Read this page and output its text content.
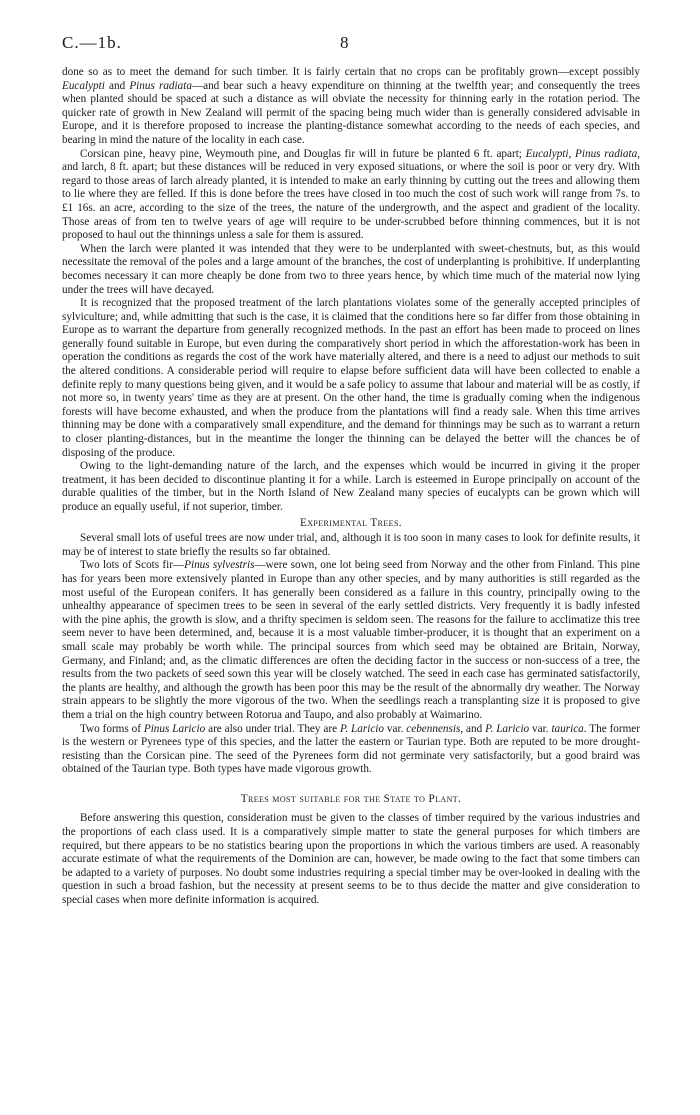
C.—1b.	8

done so as to meet the demand for such timber. It is fairly certain that no crops can be profitably grown—except possibly Eucalypti and Pinus radiata—and bear such a heavy expenditure on thinning at the twelfth year; and consequently the trees when planted should be spaced at such a distance as will obviate the necessity for thinning early in the rotation period. The quicker rate of growth in New Zealand will permit of the spacing being much wider than is generally considered advisable in Europe, and it is therefore proposed to increase the planting-distance somewhat according to the needs of each species, and bearing in mind the nature of the locality in each case.

Corsican pine, heavy pine, Weymouth pine, and Douglas fir will in future be planted 6 ft. apart; Eucalypti, Pinus radiata, and larch, 8 ft. apart; but these distances will be reduced in very exposed situations, or where the soil is poor or very dry. With regard to those areas of larch already planted, it is intended to make an early thinning by cutting out the trees and allowing them to lie where they are felled. If this is done before the trees have closed in too much the cost of such work will range from 7s. to £1 16s. an acre, according to the size of the trees, the nature of the undergrowth, and the aspect and gradient of the locality. Those areas of from ten to twelve years of age will require to be under-scrubbed before thinning commences, but it is not proposed to haul out the thinnings unless a sale for them is assured.

When the larch were planted it was intended that they were to be underplanted with sweet-chestnuts, but, as this would necessitate the removal of the poles and a large amount of the branches, the cost of underplanting is prohibitive. If underplanting becomes necessary it can more cheaply be done from two to three years hence, by which time much of the material now lying under the trees will have decayed.

It is recognized that the proposed treatment of the larch plantations violates some of the generally accepted principles of sylviculture; and, while admitting that such is the case, it is claimed that the conditions here so far differ from those obtaining in Europe as to warrant the departure from generally recognized methods. In the past an effort has been made to proceed on lines generally found suitable in Europe, but even during the comparatively short period in which the afforestation-work has been in operation the conditions as regards the cost of the work have materially altered, and there is a need to adjust our methods to suit the altered conditions. A considerable period will require to elapse before sufficient data will have been collected to enable a definite reply to many questions being given, and it would be a safe policy to assume that labour and material will be as costly, if not more so, in twenty years' time as they are at present. On the other hand, the time is gradually coming when the indigenous forests will have become exhausted, and when the produce from the plantations will find a ready sale. When this time arrives thinning may be done with a comparatively small expenditure, and the demand for thinnings may be such as to warrant a return to closer planting-distances, but in the meantime the longer the thinning can be delayed the better will the chances be of disposing of the produce.

Owing to the light-demanding nature of the larch, and the expenses which would be incurred in giving it the proper treatment, it has been decided to discontinue planting it for a while. Larch is esteemed in Europe principally on account of the durable qualities of the timber, but in the North Island of New Zealand many species of eucalypts can be grown which will produce an equally useful, if not superior, timber.

Experimental Trees.

Several small lots of useful trees are now under trial, and, although it is too soon in many cases to look for definite results, it may be of interest to state briefly the results so far obtained.

Two lots of Scots fir—Pinus sylvestris—were sown, one lot being seed from Norway and the other from Finland. This pine has for years been more extensively planted in Europe than any other species, and by many authorities is still regarded as the most useful of the European conifers. It has generally been considered as a failure in this country, principally owing to the unhealthy appearance of specimen trees to be seen in several of the early settled districts. Very frequently it is badly infested with the pine aphis, the growth is slow, and a thrifty specimen is seldom seen. The reasons for the failure to acclimatize this tree seem never to have been determined, and, because it is a most valuable timber-producer, it is thought that an experiment on a small scale may probably be worth while. The principal sources from which seed may be obtained are Britain, Norway, Germany, and Finland; and, as the climatic differences are often the deciding factor in the success or non-success of a tree, the results from the two packets of seed sown this year will be closely watched. The seed in each case has germinated satisfactorily, the plants are healthy, and although the growth has been poor this may be the result of the abnormally dry weather. The Norway strain appears to be slightly the more vigorous of the two. When the seedlings reach a transplanting size it is proposed to give them a trial on the high country between Rotorua and Taupo, and also probably at Waimarino.

Two forms of Pinus Laricio are also under trial. They are P. Laricio var. cebennensis, and P. Laricio var. taurica. The former is the western or Pyrenees type of this species, and the latter the eastern or Taurian type. Both are reputed to be more drought-resisting than the Corsican pine. The seed of the Pyrenees form did not germinate very satisfactorily, but a good braird was obtained of the Taurian type. Both types have made vigorous growth.

Trees most suitable for the State to Plant.

Before answering this question, consideration must be given to the classes of timber required by the various industries and the proportions of each class used. It is a comparatively simple matter to state the general purposes for which timbers are required, but there appears to be no statistics bearing upon the proportions in which the various timbers are used. A reasonably accurate estimate of what the requirements of the Dominion are can, however, be made owing to the fact that some timbers can be adapted to a variety of purposes. No doubt some industries requiring a special timber may be over-looked in dealing with the question in such a broad fashion, but the necessity at present seems to be to thus decide the matter and give consideration to special cases when more definite information is acquired.
